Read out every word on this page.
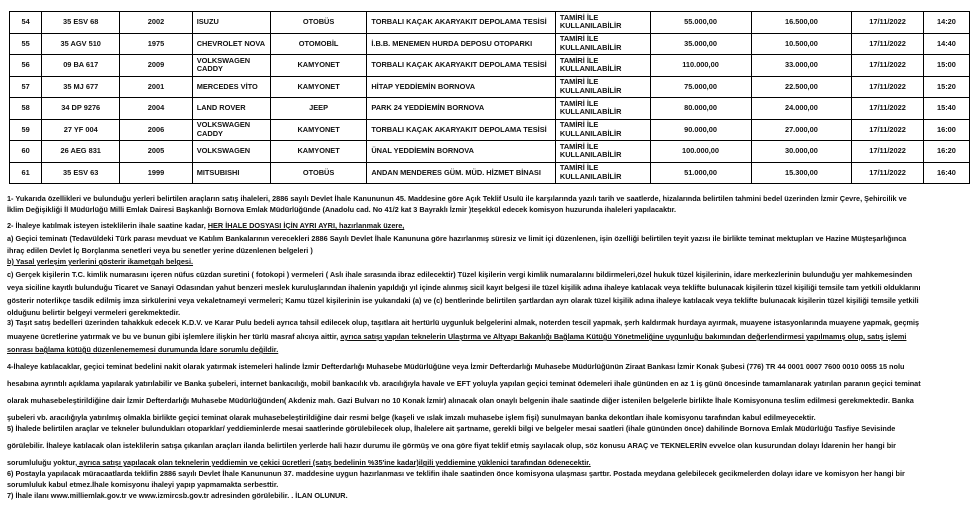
54	35 ESV 68	2002	ISUZU	OTOBÜS	TORBALI KAÇAK AKARYAKIT DEPOLAMA TESİSİ	TAMİRİ İLE
KULLANILABİLİR	55.000,00	16.500,00	17/11/2022	14:20
55	35 AGV 510	1975	CHEVROLET NOVA	OTOMOBİL	İ.B.B. MENEMEN HURDA DEPOSU OTOPARKI	TAMİRİ İLE
KULLANILABİLİR	35.000,00	10.500,00	17/11/2022	14:40
56	09 BA 617	2009	VOLKSWAGEN
CADDY	KAMYONET	TORBALI KAÇAK AKARYAKIT DEPOLAMA TESİSİ	TAMİRİ İLE
KULLANILABİLİR	110.000,00	33.000,00	17/11/2022	15:00
57	35 MJ 677	2001	MERCEDES VİTO	KAMYONET	HİTAP YEDDİEMİN BORNOVA	TAMİRİ İLE
KULLANILABİLİR	75.000,00	22.500,00	17/11/2022	15:20
58	34 DP 9276	2004	LAND ROVER	JEEP	PARK 24 YEDDİEMİN BORNOVA	TAMİRİ İLE
KULLANILABİLİR	80.000,00	24.000,00	17/11/2022	15:40
59	27 YF 004	2006	VOLKSWAGEN
CADDY	KAMYONET	TORBALI KAÇAK AKARYAKIT DEPOLAMA TESİSİ	TAMİRİ İLE
KULLANILABİLİR	90.000,00	27.000,00	17/11/2022	16:00
60	26 AEG 831	2005	VOLKSWAGEN	KAMYONET	ÜNAL YEDDİEMİN BORNOVA	TAMİRİ İLE
KULLANILABİLİR	100.000,00	30.000,00	17/11/2022	16:20
61	35 ESV 63	1999	MITSUBISHI	OTOBÜS	ANDAN MENDERES GÜM. MÜD. HİZMET BİNASI	TAMİRİ İLE
KULLANILABİLİR	51.000,00	15.300,00	17/11/2022	16:40
1- Yukarıda özellikleri ve bulunduğu yerleri belirtilen araçların satış ihaleleri, 2886 sayılı Devlet İhale Kanununun 45. Maddesine göre Açık Teklif Usulü ile karşılarında yazılı tarih ve saatlerde, hizalarında belirtilen tahmini bedel üzerinden İzmir Çevre, Şehircilik ve
İklim Değişikliği İl Müdürlüğü Milli Emlak Dairesi Başkanlığı Bornova Emlak Müdürlüğünde (Anadolu cad. No 41/2 kat 3 Bayraklı İzmir )teşekkül edecek komisyon huzurunda ihaleleri yapılacaktır.
2- İhaleye katılmak isteyen isteklilerin ihale saatine kadar, HER İHALE DOSYASI İÇİN AYRI AYRI, hazırlanmak üzere,
a) Geçici teminatı (Tedavüldeki Türk parası mevduat ve Katılım Bankalarının verecekleri 2886 Sayılı Devlet İhale Kanununa göre hazırlanmış süresiz ve limit içi düzenlenen, işin özelliği belirtilen teyit yazısı ile birlikte teminat mektupları ve Hazine Müşteşarlığınca
ihraç edilen Devlet İç Borçlanma senetleri veya bu senetler yerine düzenlenen belgeleri )
b) Yasal yerleşim yerlerini gösterir ikametgah belgesi.
c) Gerçek kişilerin T.C. kimlik numarasını içeren nüfus cüzdan suretini ( fotokopi ) vermeleri ( Aslı ihale sırasında ibraz edilecektir) Tüzel kişilerin vergi kimlik numaralarını bildirmeleri,özel hukuk tüzel kişilerinin, idare merkezlerinin bulunduğu yer mahkemesinden
veya siciline kayıtlı bulunduğu Ticaret ve Sanayi Odasından yahut benzeri meslek kuruluşlarından ihalenin yapıldığı yıl içinde alınmış sicil kayıt belgesi ile tüzel kişilik adına ihaleye katılacak veya teklifte bulunacak kişilerin tüzel kişiliği temsile tam yetkili olduklarını
gösterir noterlikçe tasdik edilmiş imza sirkülerini veya vekaletnameyi vermeleri; Kamu tüzel kişilerinin ise yukarıdaki (a) ve (c) bentlerinde belirtilen şartlardan ayrı olarak tüzel kişilik adına ihaleye katılacak veya teklifte bulunacak kişilerin tüzel kişiliği temsile yetkili
olduğunu belirtir belgeyi vermeleri gerekmektedir.
3) Taşıt satış bedelleri üzerinden tahakkuk edecek K.D.V. ve Karar Pulu bedeli ayrıca tahsil edilecek olup, taşıtlara ait hertürlü uygunluk belgelerini almak, noterden tescil yapmak, şerh kaldırmak hurdaya ayırmak, muayene istasyonlarında muayene yapmak, geçmiş
muayene ücretlerine yatırmak ve bu ve bunun gibi işlemlere ilişkin her türlü masraf alıcıya aittir, ayrıca satışı yapılan teknelerin Ulaştırma ve Altyapı Bakanlığı Bağlama Kütüğü Yönetmeliğine uygunluğu bakımından değerlendirmesi yapılmamış olup, satış işlemi
sonrası bağlama kütüğü düzenlenememesi durumunda İdare sorumlu değildir.
4-İhaleye katılacaklar, geçici teminat bedelini nakit olarak yatırmak istemeleri halinde İzmir Defterdarlığı Muhasebe Müdürlüğüne veya İzmir Defterdarlığı Muhasebe Müdürlüğünün Ziraat Bankası İzmir Konak Şubesi (776) TR 44 0001 0007 7600 0010 0055 15 nolu
hesabına ayrıntılı açıklama yapılarak yatırılabilir ve Banka şubeleri, internet bankacılığı, mobil bankacılık vb. aracılığıyla havale ve EFT yoluyla yapılan geçici teminat ödemeleri ihale gününden en az 1 iş günü öncesinde tamamlanarak yatırılan paranın geçici teminat
olarak muhasebeleştirildiğine dair İzmir Defterdarlığı Muhasebe Müdürlüğünden( Akdeniz mah. Gazi Bulvarı no 10 Konak İzmir) alınacak olan onaylı belgenin ihale saatinde diğer istenilen belgelerle birlikte İhale Komisyonuna teslim edilmesi gerekmektedir. Banka
şubeleri vb. aracılığıyla yatırılmış olmakla birlikte geçici teminat olarak muhasebeleştirildiğine dair resmi belge (kaşeli ve ıslak imzalı muhasebe işlem fişi) sunulmayan banka dekontları ihale komisyonu tarafından kabul edilmeyecektir.
5) İhalede belirtilen araçlar ve tekneler bulundukları otoparklar/ yeddieminlerde mesai saatlerinde görülebilecek olup, İhalelere ait şartname, gerekli bilgi ve belgeler mesai saatleri (ihale gününden önce) dahilinde Bornova Emlak Müdürlüğü Tasfiye Sevisinde
görülebilir. İhaleye katılacak olan isteklilerin satışa çıkarılan araçları ilanda belirtilen yerlerde hali hazır durumu ile görmüş ve ona göre fiyat teklif etmiş sayılacak olup, söz konusu ARAÇ ve TEKNELERİN evvelce olan kusurundan dolayı İdarenin her hangi bir
sorumluluğu yoktur, ayrıca satışı yapılacak olan teknelerin yeddiemin ve çekici ücretleri (satış bedelinin %35'ine kadar)ilgili yeddiemine yüklenici tarafından ödenecektir.
6) Postayla yapılacak müracaatlarda teklifin 2886 sayılı Devlet İhale Kanununun 37. maddesine uygun hazırlanması ve teklifin ihale saatinden önce komisyona ulaşması şarttır. Postada meydana gelebilecek gecikmelerden dolayı idare ve komisyon her hangi bir
sorumluluk kabul etmez.İhale komisyonu ihaleyi yapıp yapmamakta serbesttir.
7) İhale ilanı www.milliemlak.gov.tr ve www.izmircsb.gov.tr adresinden görülebilir. . İLAN OLUNUR.
